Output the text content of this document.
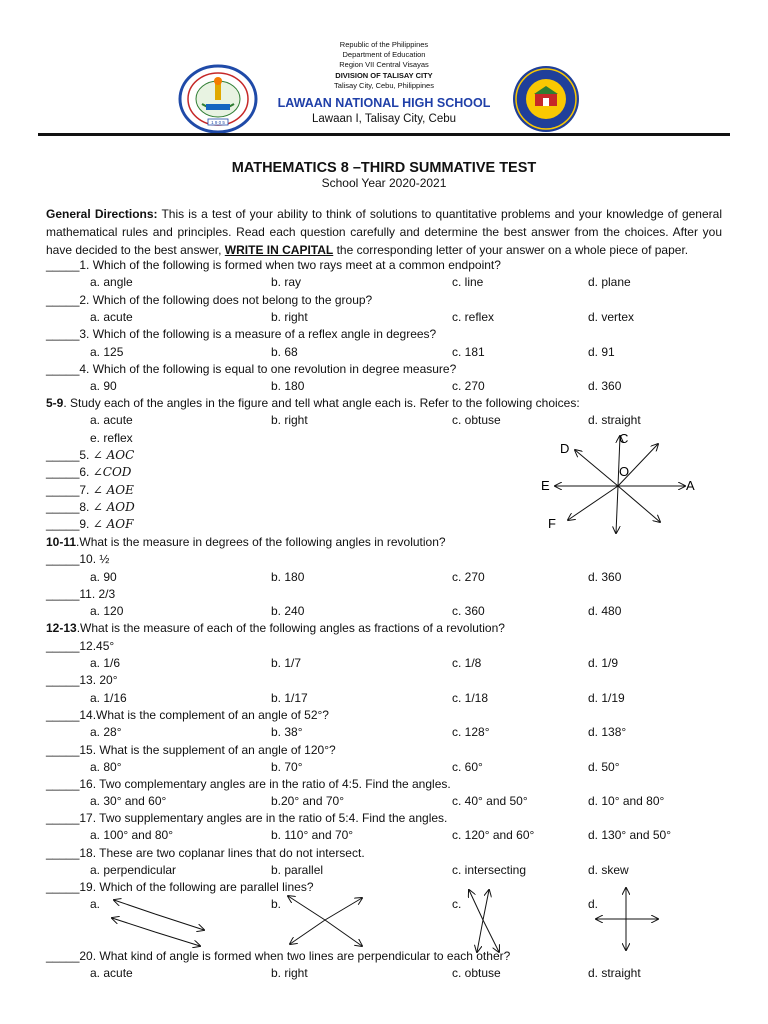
Republic of the Philippines
Department of Education
Region VII Central Visayas
DIVISION OF TALISAY CITY
Talisay City, Cebu, Philippines
LAWAAN NATIONAL HIGH SCHOOL
Lawaan I, Talisay City, Cebu
1 9 0 5
MATHEMATICS 8 –THIRD SUMMATIVE TEST
School Year 2020-2021
General Directions: This is a test of your ability to think of solutions to quantitative problems and your knowledge of general mathematical rules and principles. Read each question carefully and determine the best answer from the choices. After you have decided to the best answer, WRITE IN CAPITAL the corresponding letter of your answer on a whole piece of paper.
_____1. Which of the following is formed when two rays meet at a common endpoint?
a. angle	b. ray	c. line	d. plane
_____2. Which of the following does not belong to the group?
a. acute	b. right	c. reflex	d. vertex
_____3. Which of the following is a measure of a reflex angle in degrees?
a. 125	b. 68	c. 181	d. 91
_____4. Which of the following is equal to one revolution in degree measure?
a. 90	b. 180	c. 270	d. 360
5-9. Study each of the angles in the figure and tell what angle each is. Refer to the following choices:
a. acute	b. right	c. obtuse	d. straight
e. reflex
_____5. ∠ AOC
_____6. ∠COD
_____7. ∠ AOE
_____8. ∠ AOD
_____9. ∠ AOF
C
D
O
E	A
F
10-11.What is the measure in degrees of the following angles in revolution?
_____10. ½
a. 90	b. 180	c. 270	d. 360
_____11. 2/3
a. 120	b. 240	c. 360	d. 480
12-13.What is the measure of each of the following angles as fractions of a revolution?
_____12.45°
a. 1/6	b. 1/7	c. 1/8	d. 1/9
_____13. 20°
a. 1/16	b. 1/17	c. 1/18	d. 1/19
_____14.What is the complement of an angle of 52°?
a. 28°	b. 38°	c. 128°	d. 138°
_____15. What is the supplement of an angle of 120°?
a. 80°	b. 70°	c. 60°	d. 50°
_____16. Two complementary angles are in the ratio of 4:5. Find the angles.
a. 30° and 60°	b.20° and 70°	c. 40° and 50°	d. 10° and 80°
_____17. Two supplementary angles are in the ratio of 5:4. Find the angles.
a. 100° and 80°	b. 110° and 70°	c. 120° and 60°	d. 130° and 50°
_____18. These are two coplanar lines that do not intersect.
a. perpendicular	b. parallel	c. intersecting	d. skew
_____19. Which of the following are parallel lines?
a.	b.	c.	d.
_____20. What kind of angle is formed when two lines are perpendicular to each other?
a. acute	b. right	c. obtuse	d. straight
